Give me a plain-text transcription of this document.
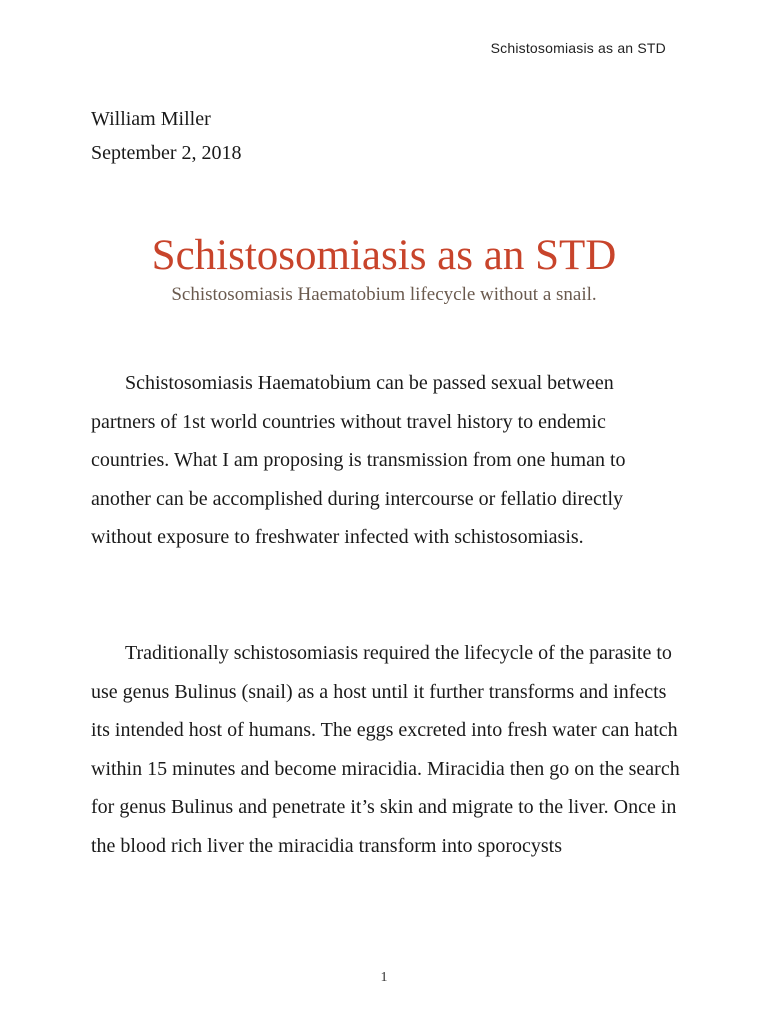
Schistosomiasis as an STD
William Miller
September 2, 2018
Schistosomiasis as an STD
Schistosomiasis Haematobium lifecycle without a snail.

Schistosomiasis Haematobium can be passed sexual between partners of 1st world countries without travel history to endemic countries. What I am proposing is transmission from one human to another can be accomplished during intercourse or fellatio directly without exposure to freshwater infected with schistosomiasis.

Traditionally schistosomiasis required the lifecycle of the parasite to use genus Bulinus (snail) as a host until it further transforms and infects its intended host of humans. The eggs excreted into fresh water can hatch within 15 minutes and become miracidia. Miracidia then go on the search for genus Bulinus and penetrate it’s skin and migrate to the liver. Once in the blood rich liver the miracidia transform into sporocysts

1
